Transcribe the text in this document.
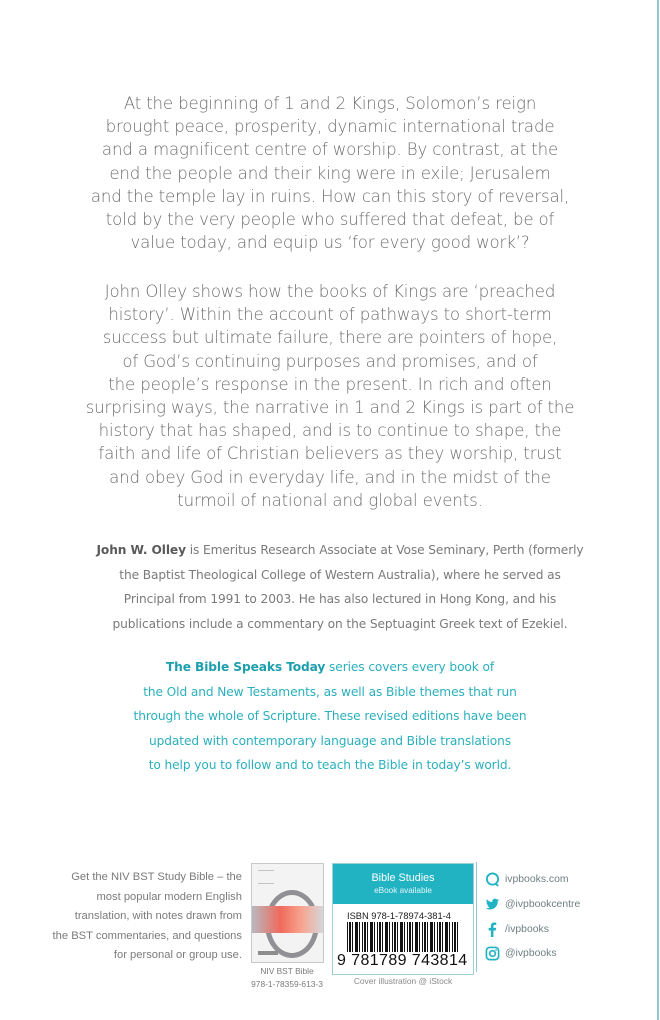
At the beginning of 1 and 2 Kings, Solomon’s reign
brought peace, prosperity, dynamic international trade
and a magnificent centre of worship. By contrast, at the
end the people and their king were in exile; Jerusalem
and the temple lay in ruins. How can this story of reversal,
told by the very people who suffered that defeat, be of
value today, and equip us ‘for every good work’?
John Olley shows how the books of Kings are ‘preached
history’. Within the account of pathways to short-term
success but ultimate failure, there are pointers of hope,
of God’s continuing purposes and promises, and of
the people’s response in the present. In rich and often
surprising ways, the narrative in 1 and 2 Kings is part of the
history that has shaped, and is to continue to shape, the
faith and life of Christian believers as they worship, trust
and obey God in everyday life, and in the midst of the
turmoil of national and global events.
John W. Olley is Emeritus Research Associate at Vose Seminary, Perth (formerly
the Baptist Theological College of Western Australia), where he served as
Principal from 1991 to 2003. He has also lectured in Hong Kong, and his
publications include a commentary on the Septuagint Greek text of Ezekiel.
The Bible Speaks Today series covers every book of
the Old and New Testaments, as well as Bible themes that run
through the whole of Scripture. These revised editions have been
updated with contemporary language and Bible translations
to help you to follow and to teach the Bible in today’s world.
Get the NIV BST Study Bible – the
most popular modern English
translation, with notes drawn from
the BST commentaries, and questions
for personal or group use.
NIV BST Bible
978-1-78359-613-3
Bible Studies
eBook available
ISBN 978-1-78974-381-4
9 781789 743814
Cover illustration @ iStock
ivpbooks.com
@ivpbookcentre
/ivpbooks
@ivpbooks
